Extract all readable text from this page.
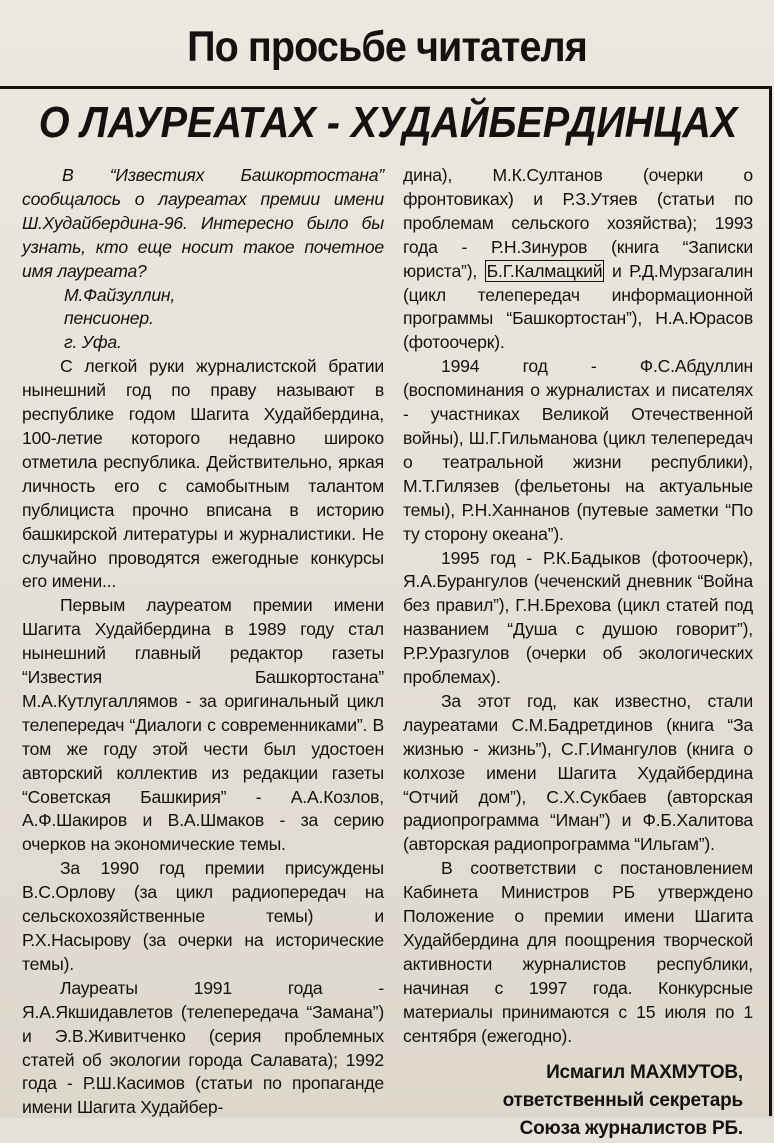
По просьбе читателя
О ЛАУРЕАТАХ - ХУДАЙБЕРДИНЦАХ

В “Известиях Башкортостана” сообщалось о лауреатах премии имени Ш.Худайбердина-96. Интересно было бы узнать, кто еще носит такое почетное имя лауреата?

М.Файзуллин,

пенсионер.

г. Уфа.

С легкой руки журналистской братии нынешний год по праву называют в республике годом Шагита Худайбердина, 100-летие которого недавно широко отметила республика. Действительно, яркая личность его с самобытным талантом публициста прочно вписана в историю башкирской литературы и журналистики. Не случайно проводятся ежегодные конкурсы его имени...

Первым лауреатом премии имени Шагита Худайбердина в 1989 году стал нынешний главный редактор газеты “Известия Башкортостана” М.А.Кутлугаллямов - за оригинальный цикл телепередач “Диалоги с современниками”. В том же году этой чести был удостоен авторский коллектив из редакции газеты “Советская Башкирия” - А.А.Козлов, А.Ф.Шакиров и В.А.Шмаков - за серию очерков на экономические темы.

За 1990 год премии присуждены В.С.Орлову (за цикл радиопередач на сельскохозяйственные темы) и Р.Х.Насырову (за очерки на исторические темы).

Лауреаты 1991 года - Я.А.Якшидавлетов (телепередача “Замана”) и Э.В.Живитченко (серия проблемных статей об экологии города Салавата); 1992 года - Р.Ш.Касимов (статьи по пропаганде имени Шагита Худайбер-

дина), М.К.Султанов (очерки о фронтовиках) и Р.З.Утяев (статьи по проблемам сельского хозяйства); 1993 года - Р.Н.Зинуров (книга “Записки юриста”), Б.Г.Калмацкий и Р.Д.Мурзагалин (цикл телепередач информационной программы “Башкортостан”), Н.А.Юрасов (фотоочерк).

1994 год - Ф.С.Абдуллин (воспоминания о журналистах и писателях - участниках Великой Отечественной войны), Ш.Г.Гильманова (цикл телепередач о театральной жизни республики), М.Т.Гилязев (фельетоны на актуальные темы), Р.Н.Ханнанов (путевые заметки “По ту сторону океана”).

1995 год - Р.К.Бадыков (фотоочерк), Я.А.Бурангулов (чеченский дневник “Война без правил”), Г.Н.Брехова (цикл статей под названием “Душа с душою говорит”), Р.Р.Уразгулов (очерки об экологических проблемах).

За этот год, как известно, стали лауреатами С.М.Бадретдинов (книга “За жизнью - жизнь”), С.Г.Имангулов (книга о колхозе имени Шагита Худайбердина “Отчий дом”), С.Х.Сукбаев (авторская радиопрограмма “Иман”) и Ф.Б.Халитова (авторская радиопрограмма “Ильгам”).

В соответствии с постановлением Кабинета Министров РБ утверждено Положение о премии имени Шагита Худайбердина для поощрения творческой активности журналистов республики, начиная с 1997 года. Конкурсные материалы принимаются с 15 июля по 1 сентября (ежегодно).

Исмагил МАХМУТОВ,
ответственный секретарь
Союза журналистов РБ.
